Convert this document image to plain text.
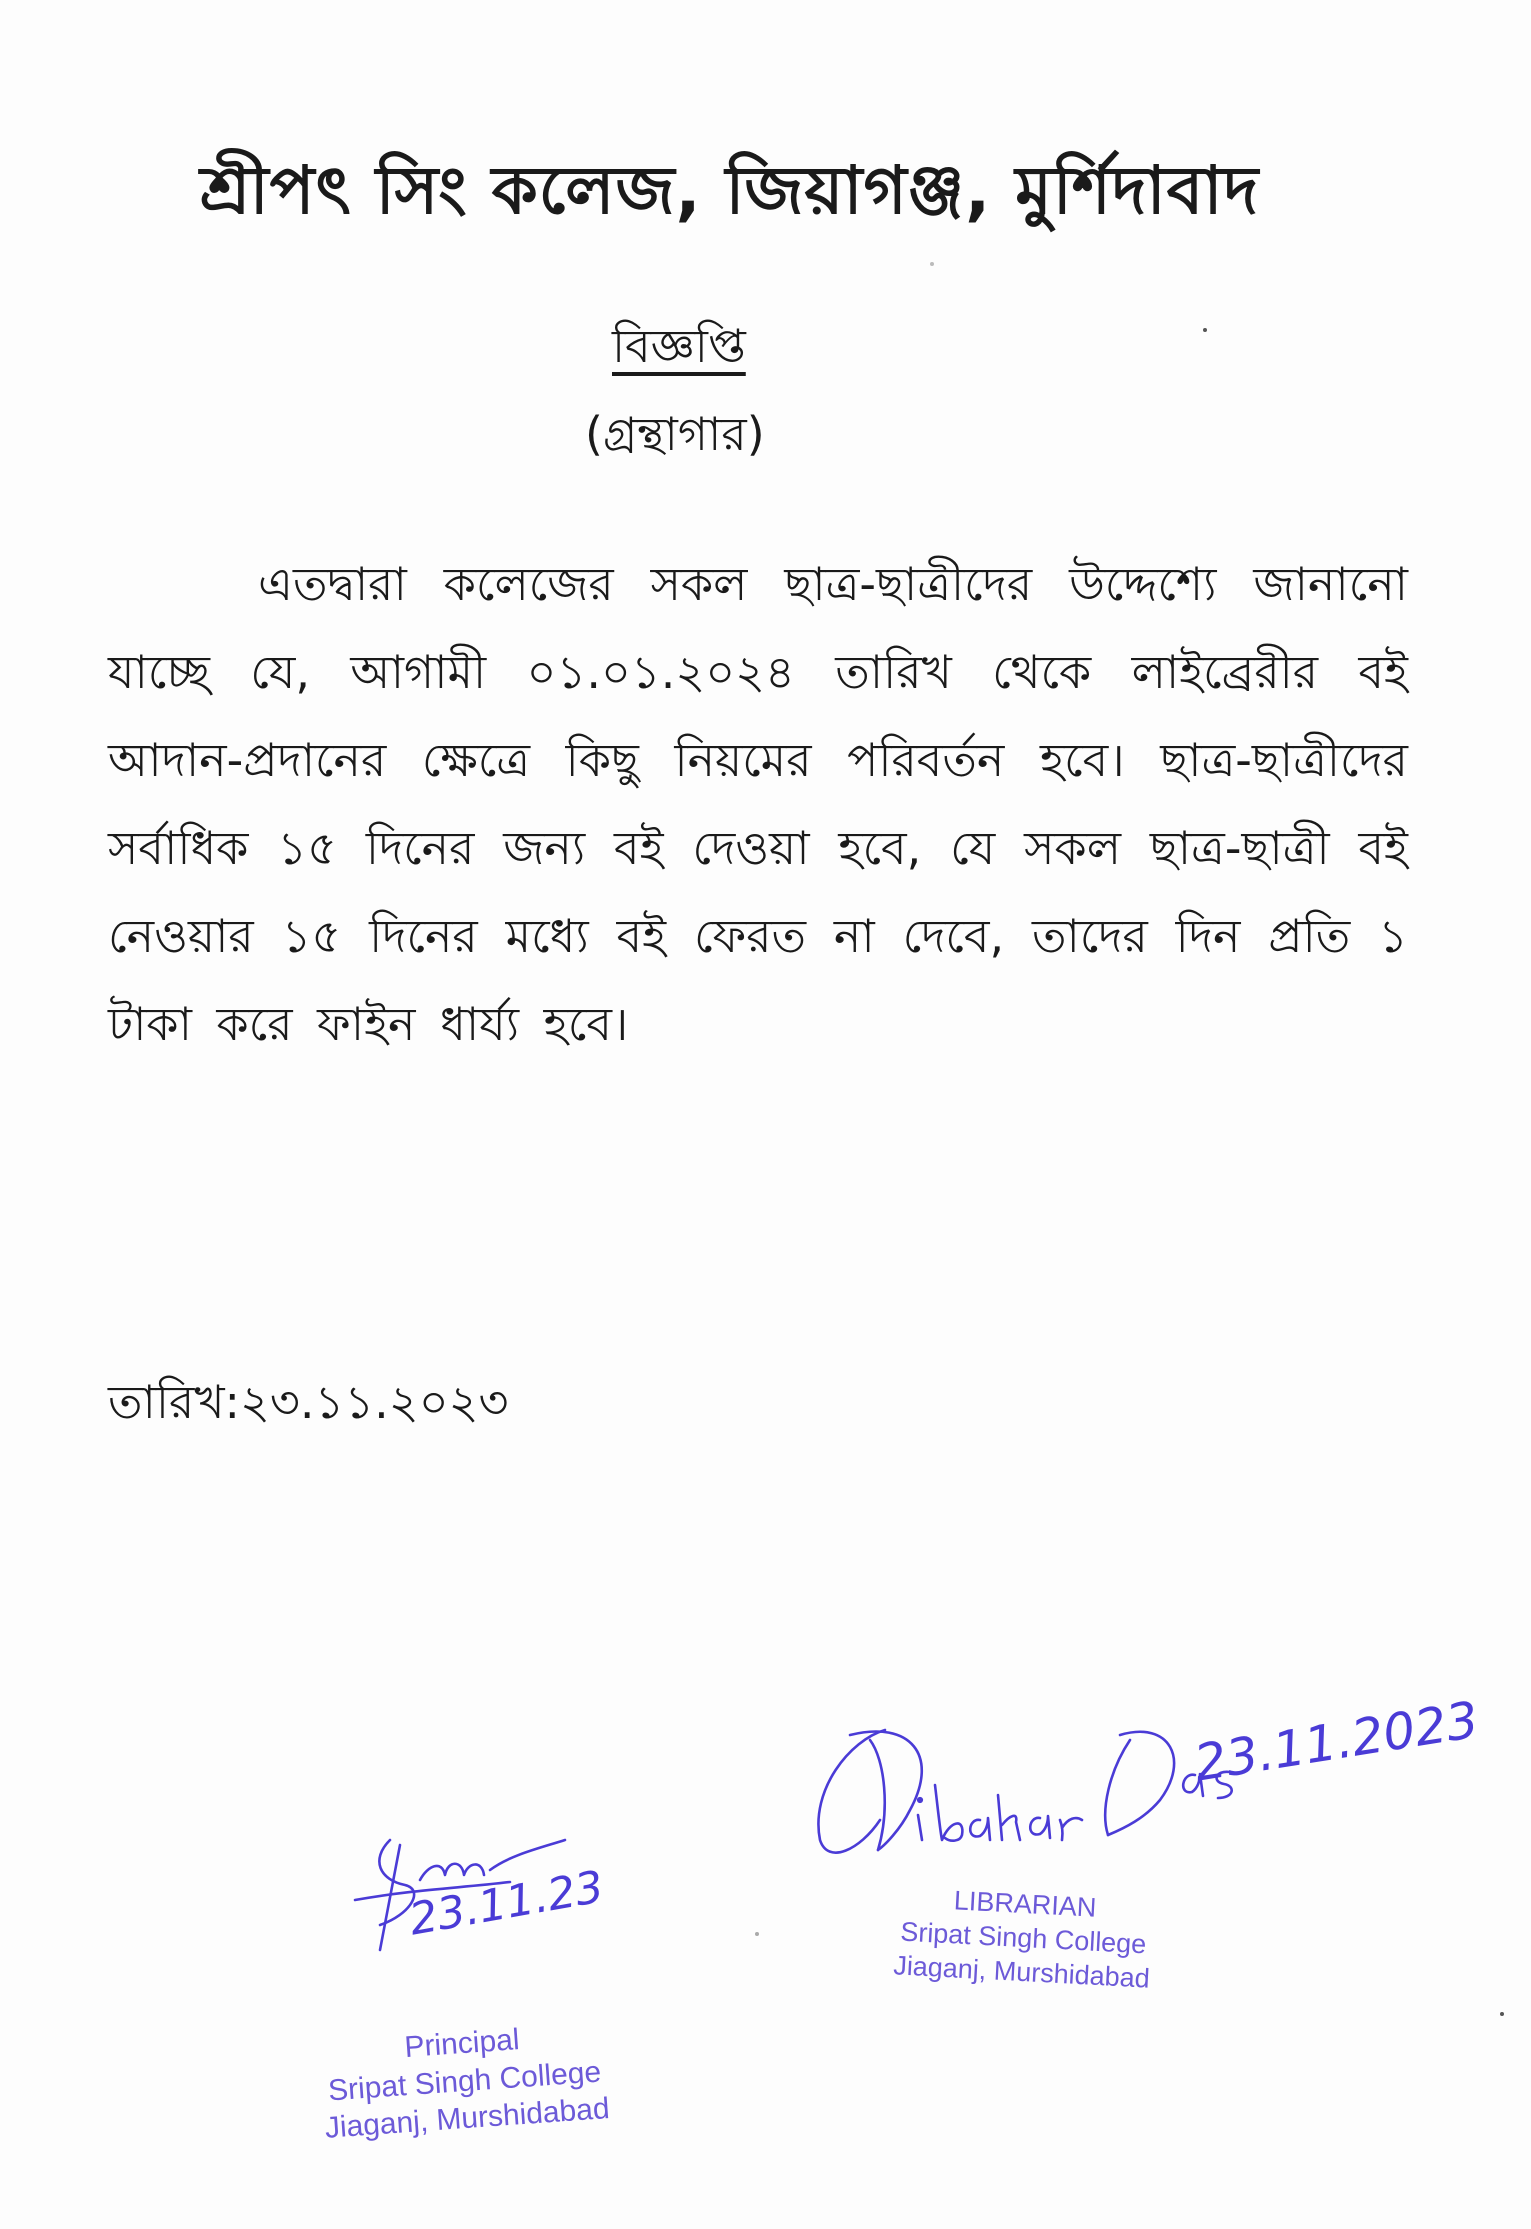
শ্রীপৎ সিং কলেজ, জিয়াগঞ্জ, মুর্শিদাবাদ
বিজ্ঞপ্তি
(গ্রন্থাগার)
এতদ্বারা কলেজের সকল ছাত্র-ছাত্রীদের উদ্দেশ্যে জানানো যাচ্ছে যে, আগামী ০১.০১.২০২৪ তারিখ থেকে লাইব্রেরীর বই আদান-প্রদানের ক্ষেত্রে কিছু নিয়মের পরিবর্তন হবে। ছাত্র-ছাত্রীদের সর্বাধিক ১৫ দিনের জন্য বই দেওয়া হবে, যে সকল ছাত্র-ছাত্রী বই নেওয়ার ১৫ দিনের মধ্যে বই ফেরত না দেবে, তাদের দিন প্রতি ১ টাকা করে ফাইন ধার্য্য হবে।
তারিখ:২৩.১১.২০২৩
23.11.2023
23.11.23	LIBRARIAN
Sripat Singh College
Jiaganj, Murshidabad
Principal
Sripat Singh College
Jiaganj, Murshidabad
